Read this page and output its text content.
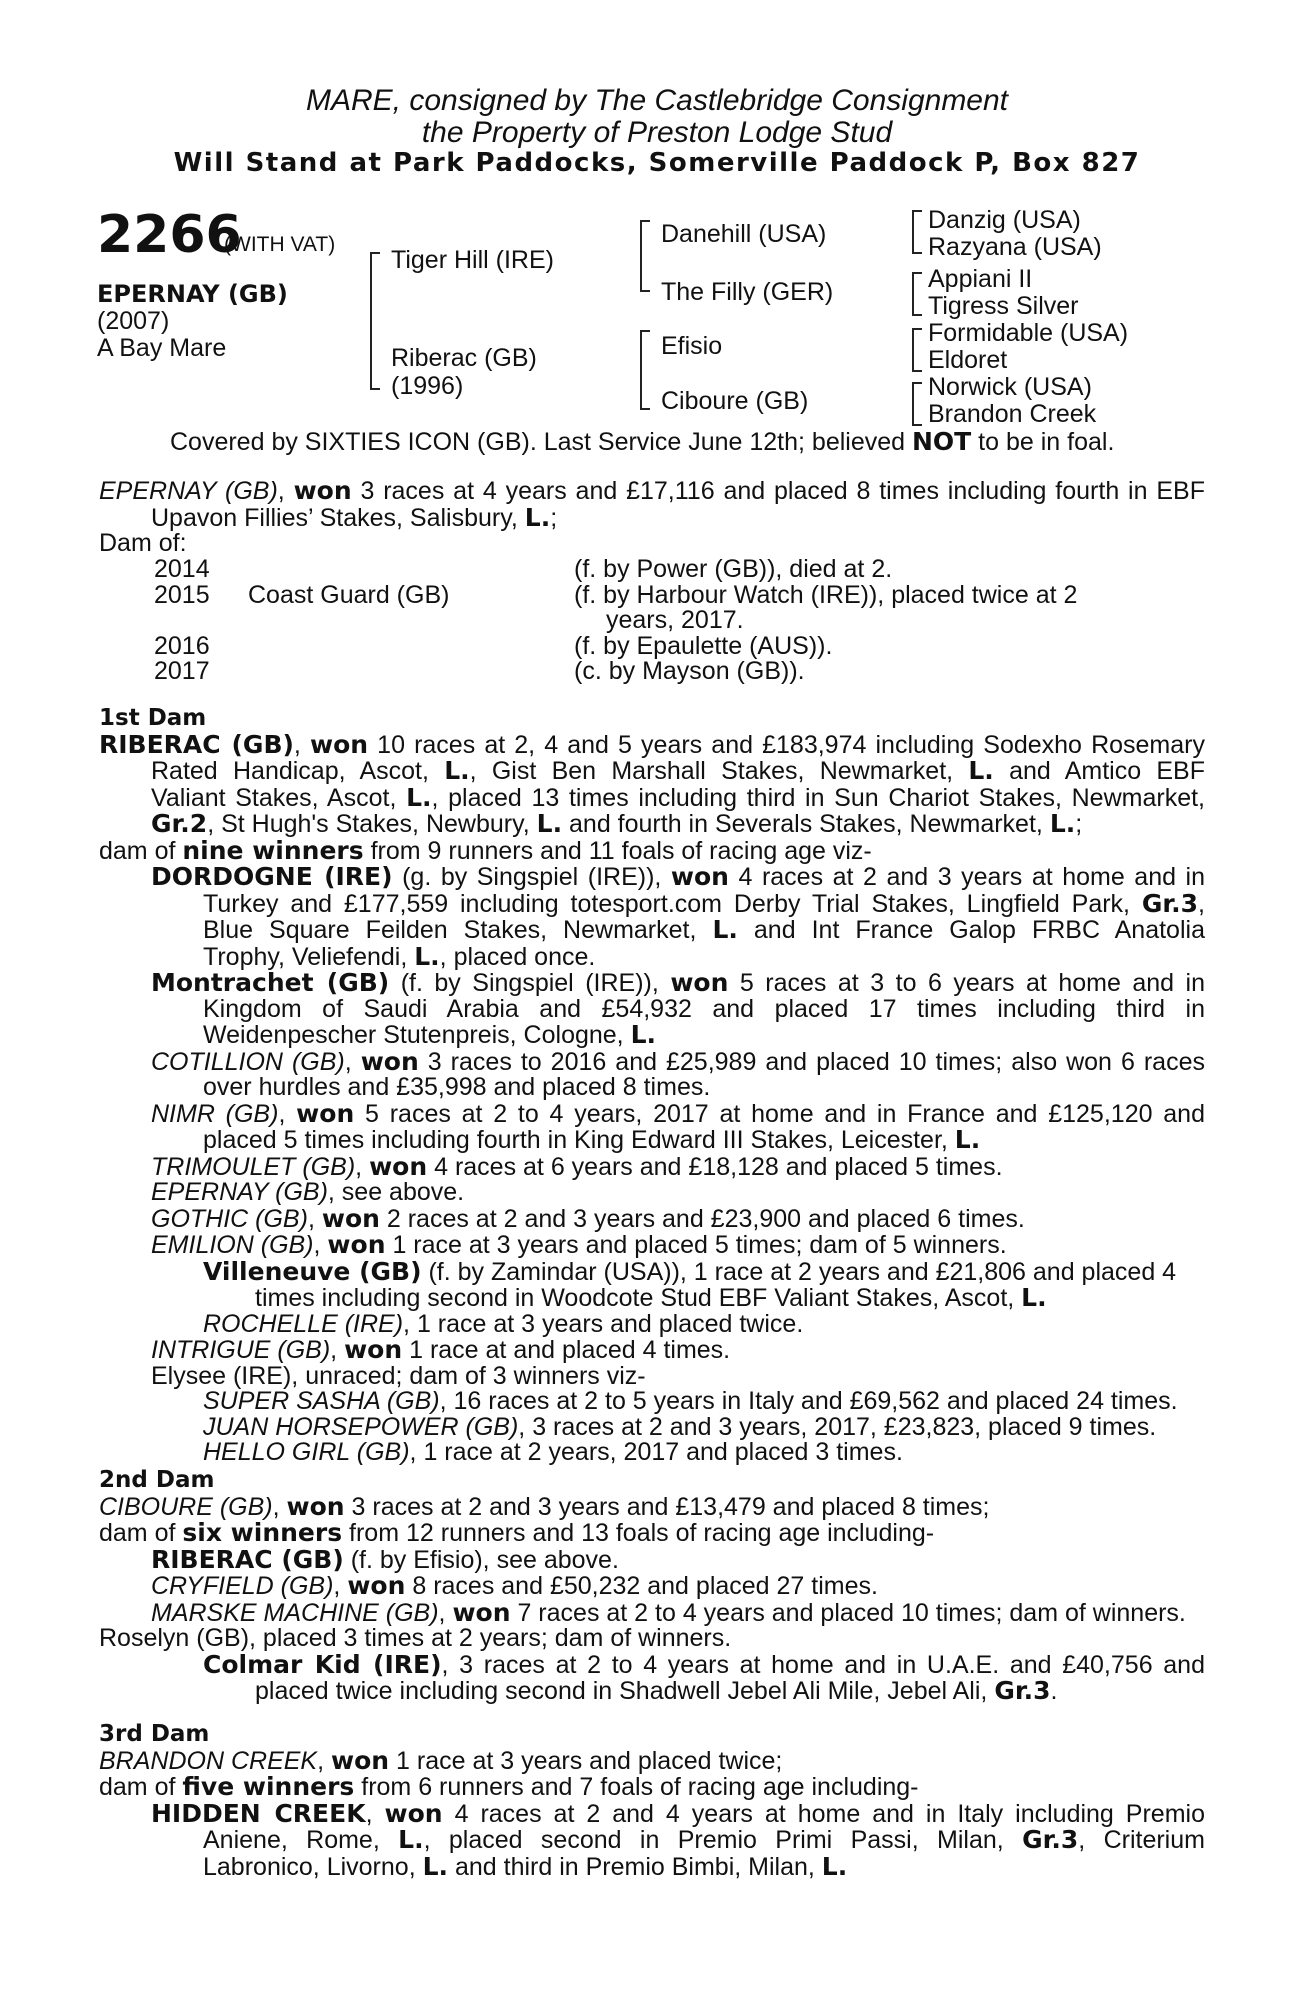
MARE, consigned by The Castlebridge Consignment
the Property of Preston Lodge Stud
Will Stand at Park Paddocks, Somerville Paddock P, Box 827
2266
(WITH VAT)
EPERNAY (GB)
(2007)
A Bay Mare
Tiger Hill (IRE)
Riberac (GB)
(1996)
Danehill (USA)
The Filly (GER)
Efisio
Ciboure (GB)
Danzig (USA)
Razyana (USA)
Appiani II
Tigress Silver
Formidable (USA)
Eldoret
Norwick (USA)
Brandon Creek
Covered by SIXTIES ICON (GB). Last Service June 12th; believed NOT to be in foal.
EPERNAY (GB), won 3 races at 4 years and £17,116 and placed 8 times including fourth in EBF
Upavon Fillies’ Stakes, Salisbury, L.;
Dam of:
2014	(f. by Power (GB)), died at 2.
2015 Coast Guard (GB)	(f. by Harbour Watch (IRE)), placed twice at 2
years, 2017.
2016	(f. by Epaulette (AUS)).
2017	(c. by Mayson (GB)).
1st Dam
RIBERAC (GB), won 10 races at 2, 4 and 5 years and £183,974 including Sodexho Rosemary
Rated Handicap, Ascot, L., Gist Ben Marshall Stakes, Newmarket, L. and Amtico EBF
Valiant Stakes, Ascot, L., placed 13 times including third in Sun Chariot Stakes, Newmarket,
Gr.2, St Hugh's Stakes, Newbury, L. and fourth in Severals Stakes, Newmarket, L.;
dam of nine winners from 9 runners and 11 foals of racing age viz-
DORDOGNE (IRE) (g. by Singspiel (IRE)), won 4 races at 2 and 3 years at home and in
Turkey and £177,559 including totesport.com Derby Trial Stakes, Lingfield Park, Gr.3,
Blue Square Feilden Stakes, Newmarket, L. and Int France Galop FRBC Anatolia
Trophy, Veliefendi, L., placed once.
Montrachet (GB) (f. by Singspiel (IRE)), won 5 races at 3 to 6 years at home and in
Kingdom of Saudi Arabia and £54,932 and placed 17 times including third in
Weidenpescher Stutenpreis, Cologne, L.
COTILLION (GB), won 3 races to 2016 and £25,989 and placed 10 times; also won 6 races
over hurdles and £35,998 and placed 8 times.
NIMR (GB), won 5 races at 2 to 4 years, 2017 at home and in France and £125,120 and
placed 5 times including fourth in King Edward III Stakes, Leicester, L.
TRIMOULET (GB), won 4 races at 6 years and £18,128 and placed 5 times.
EPERNAY (GB), see above.
GOTHIC (GB), won 2 races at 2 and 3 years and £23,900 and placed 6 times.
EMILION (GB), won 1 race at 3 years and placed 5 times; dam of 5 winners.
Villeneuve (GB) (f. by Zamindar (USA)), 1 race at 2 years and £21,806 and placed 4
times including second in Woodcote Stud EBF Valiant Stakes, Ascot, L.
ROCHELLE (IRE), 1 race at 3 years and placed twice.
INTRIGUE (GB), won 1 race at and placed 4 times.
Elysee (IRE), unraced; dam of 3 winners viz-
SUPER SASHA (GB), 16 races at 2 to 5 years in Italy and £69,562 and placed 24 times.
JUAN HORSEPOWER (GB), 3 races at 2 and 3 years, 2017, £23,823, placed 9 times.
HELLO GIRL (GB), 1 race at 2 years, 2017 and placed 3 times.
2nd Dam
CIBOURE (GB), won 3 races at 2 and 3 years and £13,479 and placed 8 times;
dam of six winners from 12 runners and 13 foals of racing age including-
RIBERAC (GB) (f. by Efisio), see above.
CRYFIELD (GB), won 8 races and £50,232 and placed 27 times.
MARSKE MACHINE (GB), won 7 races at 2 to 4 years and placed 10 times; dam of winners.
Roselyn (GB), placed 3 times at 2 years; dam of winners.
Colmar Kid (IRE), 3 races at 2 to 4 years at home and in U.A.E. and £40,756 and
placed twice including second in Shadwell Jebel Ali Mile, Jebel Ali, Gr.3.
3rd Dam
BRANDON CREEK, won 1 race at 3 years and placed twice;
dam of five winners from 6 runners and 7 foals of racing age including-
HIDDEN CREEK, won 4 races at 2 and 4 years at home and in Italy including Premio
Aniene, Rome, L., placed second in Premio Primi Passi, Milan, Gr.3, Criterium
Labronico, Livorno, L. and third in Premio Bimbi, Milan, L.
